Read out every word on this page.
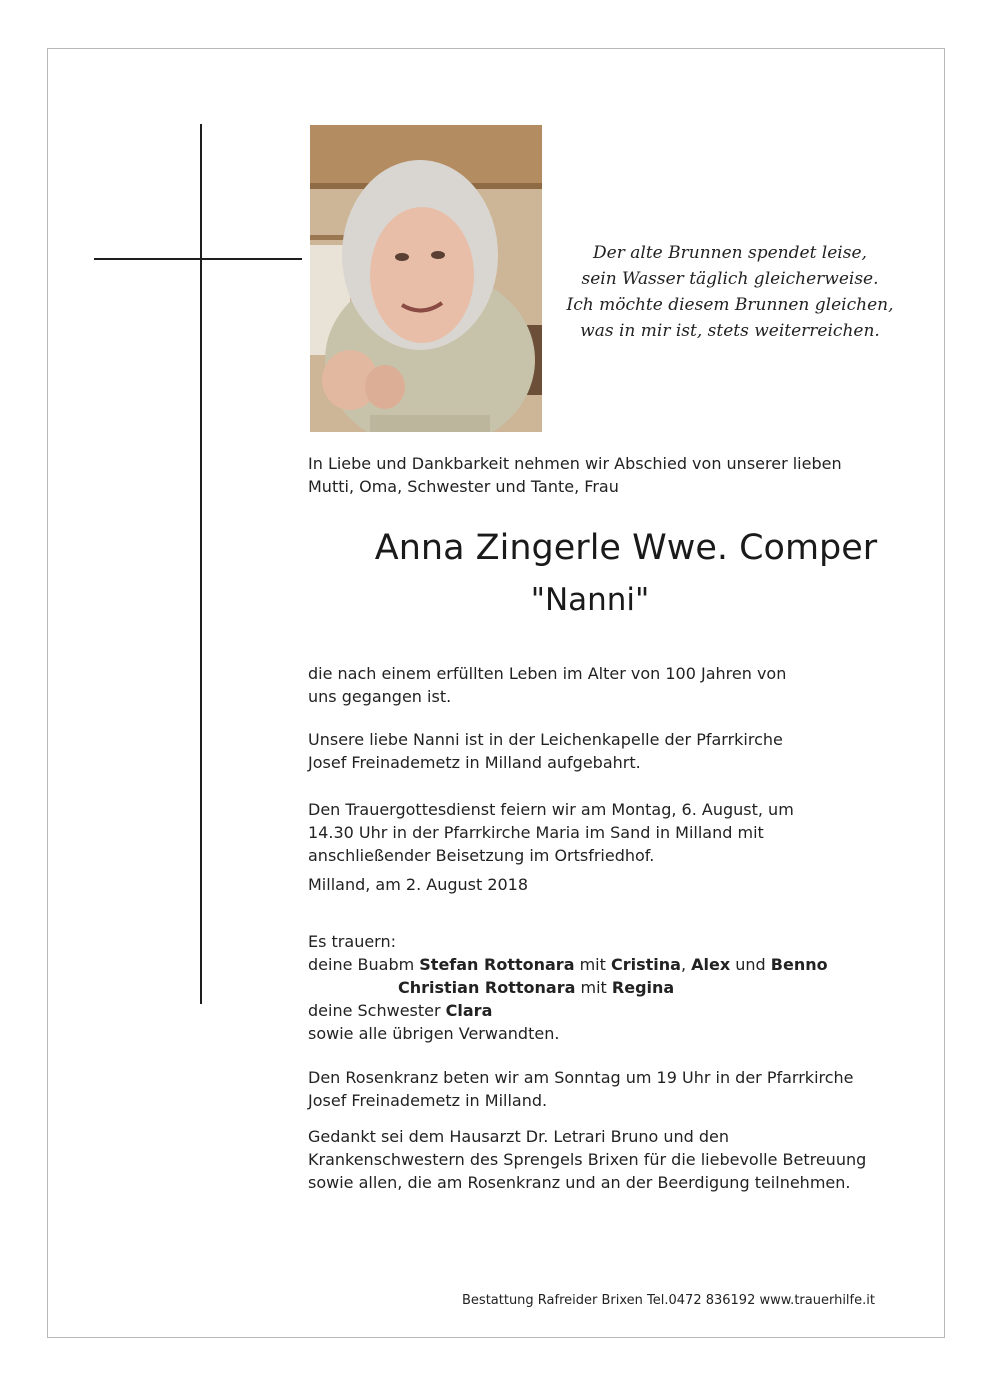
Der alte Brunnen spendet leise,
sein Wasser täglich gleicherweise.
Ich möchte diesem Brunnen gleichen,
was in mir ist, stets weiterreichen.
In Liebe und Dankbarkeit nehmen wir Abschied von unserer lieben
Mutti, Oma, Schwester und Tante, Frau
Anna Zingerle Wwe. Comper
"Nanni"
die nach einem erfüllten Leben im Alter von 100 Jahren von
uns gegangen ist.
Unsere liebe Nanni ist in der Leichenkapelle der Pfarrkirche
Josef Freinademetz in Milland aufgebahrt.
Den Trauergottesdienst feiern wir am Montag, 6. August, um
14.30 Uhr in der Pfarrkirche Maria im Sand in Milland mit
anschließender Beisetzung im Ortsfriedhof.
Milland, am 2. August 2018
Es trauern:
deine Buabm Stefan Rottonara mit Cristina, Alex und Benno
Christian Rottonara mit Regina
deine Schwester Clara
sowie alle übrigen Verwandten.
Den Rosenkranz beten wir am Sonntag um 19 Uhr in der Pfarrkirche
Josef Freinademetz in Milland.
Gedankt sei dem Hausarzt Dr. Letrari Bruno und den
Krankenschwestern des Sprengels Brixen für die liebevolle Betreuung
sowie allen, die am Rosenkranz und an der Beerdigung teilnehmen.
Bestattung Rafreider Brixen Tel.0472 836192 www.trauerhilfe.it
